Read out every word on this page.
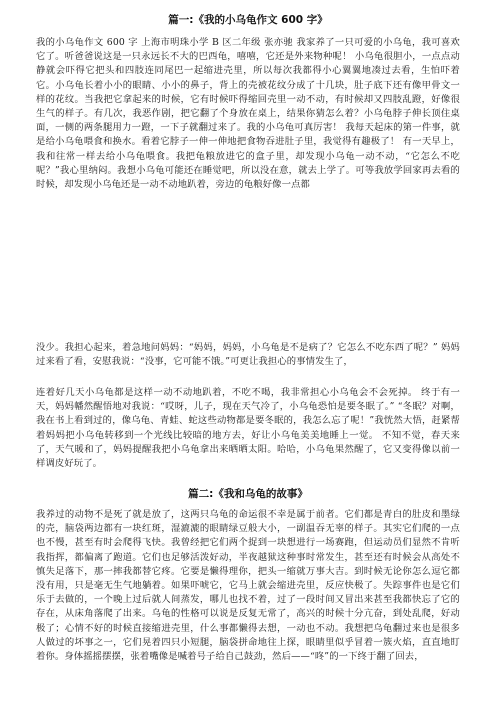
篇一:《我的小乌龟作文 600 字》

我的小乌龟作文 600 字 上海市明珠小学 B 区二年级 张亦驰 我家养了一只可爱的小乌龟，我可喜欢它了。听爸爸说这是一只永远长不大的巴西龟，嘻嘻，它还是外来物种呢！ 小乌龟很胆小，一点点动静就会吓得它把头和四肢连同尾巴一起缩进壳里，所以每次我都得小心翼翼地凑过去看，生怕吓着它。小乌龟长着小小的眼睛、小小的鼻子，背上的壳被花纹分成了十几块，肚子底下还有像甲骨文一样的花纹。当我把它拿起来的时候，它有时候吓得缩回壳里一动不动，有时候却又四肢乱蹬，好像很生气的样子。有几次，我恶作剧，把它翻了个身放在桌上，结果你猜怎么着？小乌龟脖子伸长顶住桌面，一侧的两条腿用力一蹬，一下子就翻过来了。我的小乌龟可真厉害！ 我每天起床的第一件事，就是给小乌龟喂食和换水。看着它脖子一伸一伸地把食物吞进肚子里，我觉得有趣极了！ 有一天早上，我和往常一样去给小乌龟喂食。我把龟粮放进它的盒子里，却发现小乌龟一动不动，“它怎么不吃呢？”我心里纳闷。我想小乌龟可能还在睡觉吧，所以没在意，就去上学了。可等我放学回家再去看的时候，却发现小乌龟还是一动不动地趴着，旁边的龟粮好像一点都

没少。我担心起来，着急地问妈妈：“妈妈，妈妈，小乌龟是不是病了？它怎么不吃东西了呢？” 妈妈过来看了看，安慰我说：“没事，它可能不饿。”可更让我担心的事情发生了，

连着好几天小乌龟都是这样一动不动地趴着，不吃不喝，我非常担心小乌龟会不会死掉。 终于有一天，妈妈幡然醒悟地对我说：“哎呀，儿子，现在天气冷了，小乌龟恐怕是要冬眠了。” “冬眠？对啊，我在书上看到过的，像乌龟、青蛙、蛇这些动物都是要冬眠的，我怎么忘了呢！”我恍然大悟，赶紧帮着妈妈把小乌龟转移到一个光线比较暗的地方去，好让小乌龟美美地睡上一觉。 不知不觉，春天来了，天气暖和了，妈妈提醒我把小乌龟拿出来晒晒太阳。哈哈，小乌龟果然醒了，它又变得像以前一样调皮好玩了。

篇二:《我和乌龟的故事》

我养过的动物不是死了就是放了，这两只乌龟的命运很不幸是属于前者。它们都是青白的肚皮和墨绿的壳，脑袋两边都有一块红斑，湿漉漉的眼睛绿豆般大小，一副温吞无辜的样子。其实它们爬的一点也不慢，甚至有时会爬得飞快。我曾经把它们两个捉到一块想进行一场赛跑，但运动员们显然不肯听我指挥，都偏离了跑道。它们也足够活泼好动，半夜越狱这种事时常发生，甚至还有时候会从高处不慎失足落下，那一摔我都替它疼。它要是懒得理你，把头一缩就万事大吉。到时候无论你怎么逗它都没有用，只是毫无生气地躺着。如果吓唬它，它马上就会缩进壳里，反应快极了。失踪事件也是它们乐于去做的，一个晚上过后就人间蒸发，哪儿也找不着，过了一段时间又冒出来甚至我都快忘了它的存在，从床角落爬了出来。乌龟的性格可以说是反复无常了，高兴的时候十分亢奋，到处乱爬，好动极了；心情不好的时候直接缩进壳里，什么事都懒得去想，一动也不动。我想把乌龟翻过来也是很多人做过的坏事之一，它们晃着四只小短腿，脑袋拼命地往上探，眼睛里似乎冒着一簇火焰，直直地盯着你。身体摇摇摆摆，张着嘴像是喊着号子给自己鼓劲，然后——“咚”的一下终于翻了回去，
